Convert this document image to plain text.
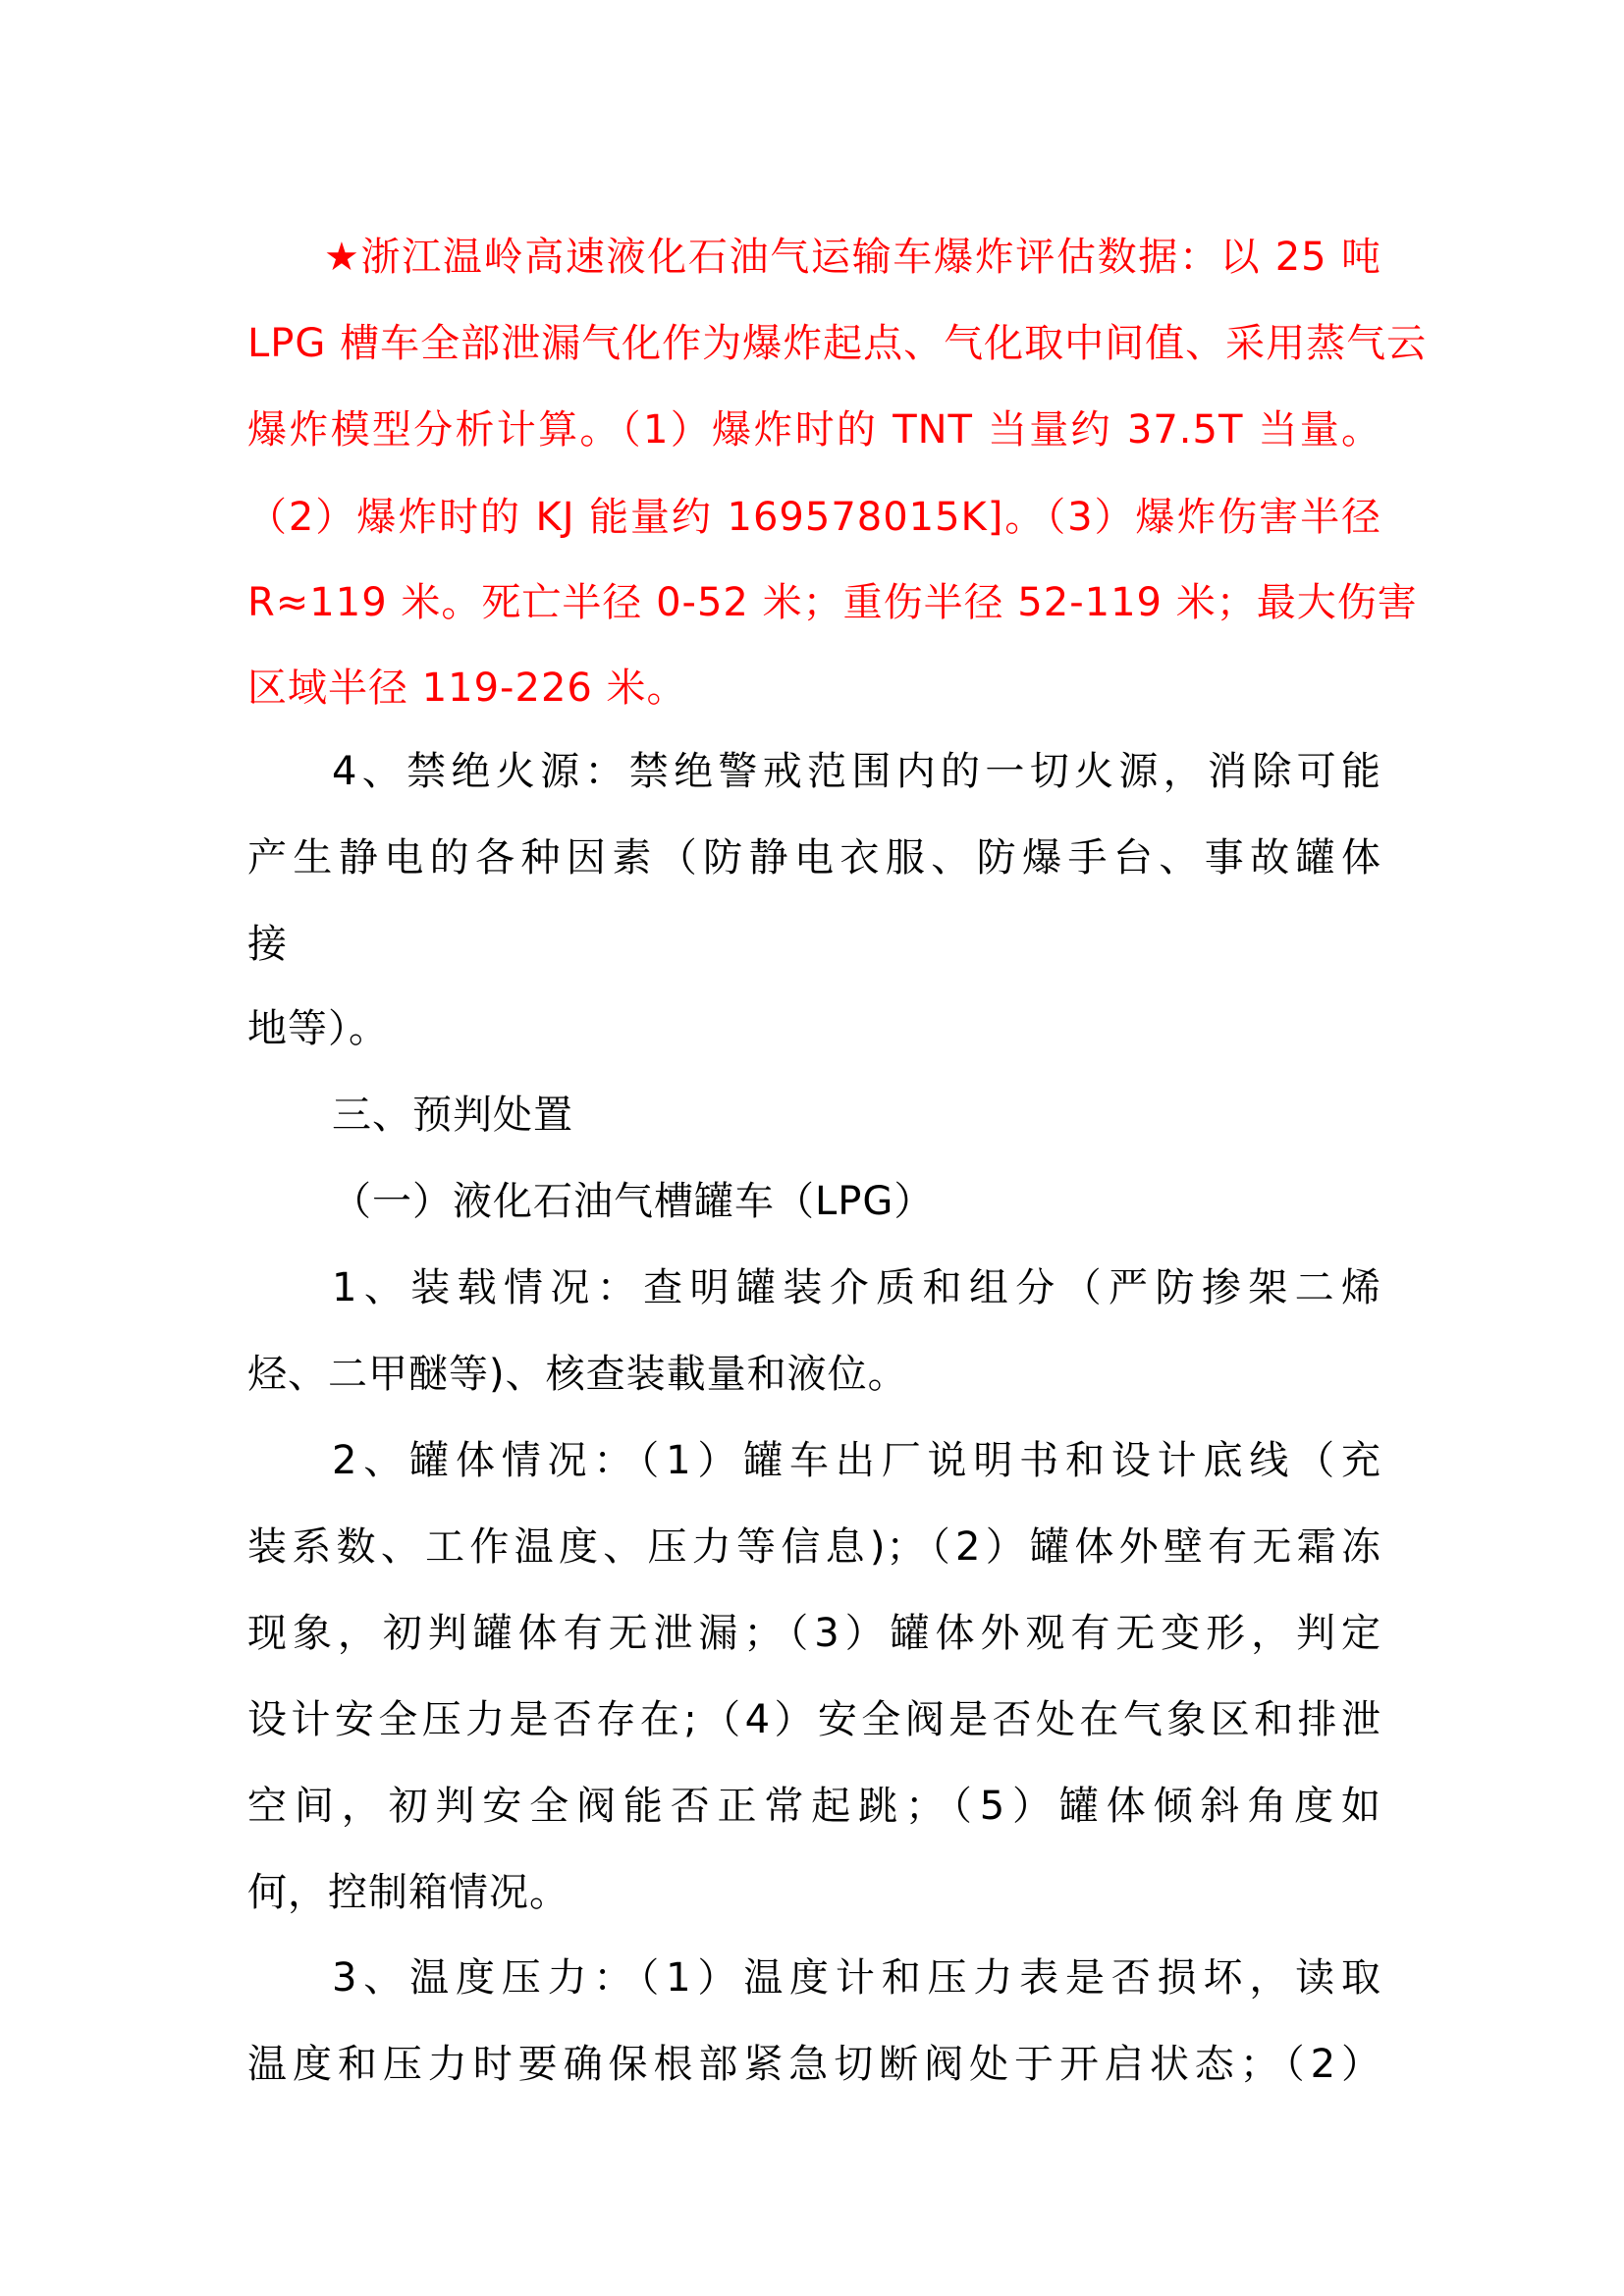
★浙江温岭高速液化石油气运输车爆炸评估数据：以 25 吨
LPG 槽车全部泄漏气化作为爆炸起点、气化取中间值、采用蒸气云
爆炸模型分析计算。（1）爆炸时的 TNT 当量约 37.5T 当量。
（2）爆炸时的 KJ 能量约 169578015K]。（3）爆炸伤害半径
R≈119 米。死亡半径 0-52 米；重伤半径 52-119 米；最大伤害
区域半径 119-226 米。
4、禁绝火源：禁绝警戒范围内的一切火源，消除可能
产生静电的各种因素（防静电衣服、防爆手台、事故罐体
接
地等）。
三、预判处置
（一）液化石油气槽罐车（LPG）
1、装载情况：查明罐装介质和组分（严防掺架二烯
烃、二甲醚等)、核查装載量和液位。
2、罐体情况：（1）罐车出厂说明书和设计底线（充
装系数、工作温度、压力等信息)；（2）罐体外壁有无霜冻
现象，初判罐体有无泄漏；（3）罐体外观有无变形，判定
设计安全压力是否存在;（4）安全阀是否处在气象区和排泄
空间，初判安全阀能否正常起跳；（5）罐体倾斜角度如
何，控制箱情况。
3、温度压力：（1）温度计和压力表是否损坏，读取
温度和压力时要确保根部紧急切断阀处于开启状态；（2）
